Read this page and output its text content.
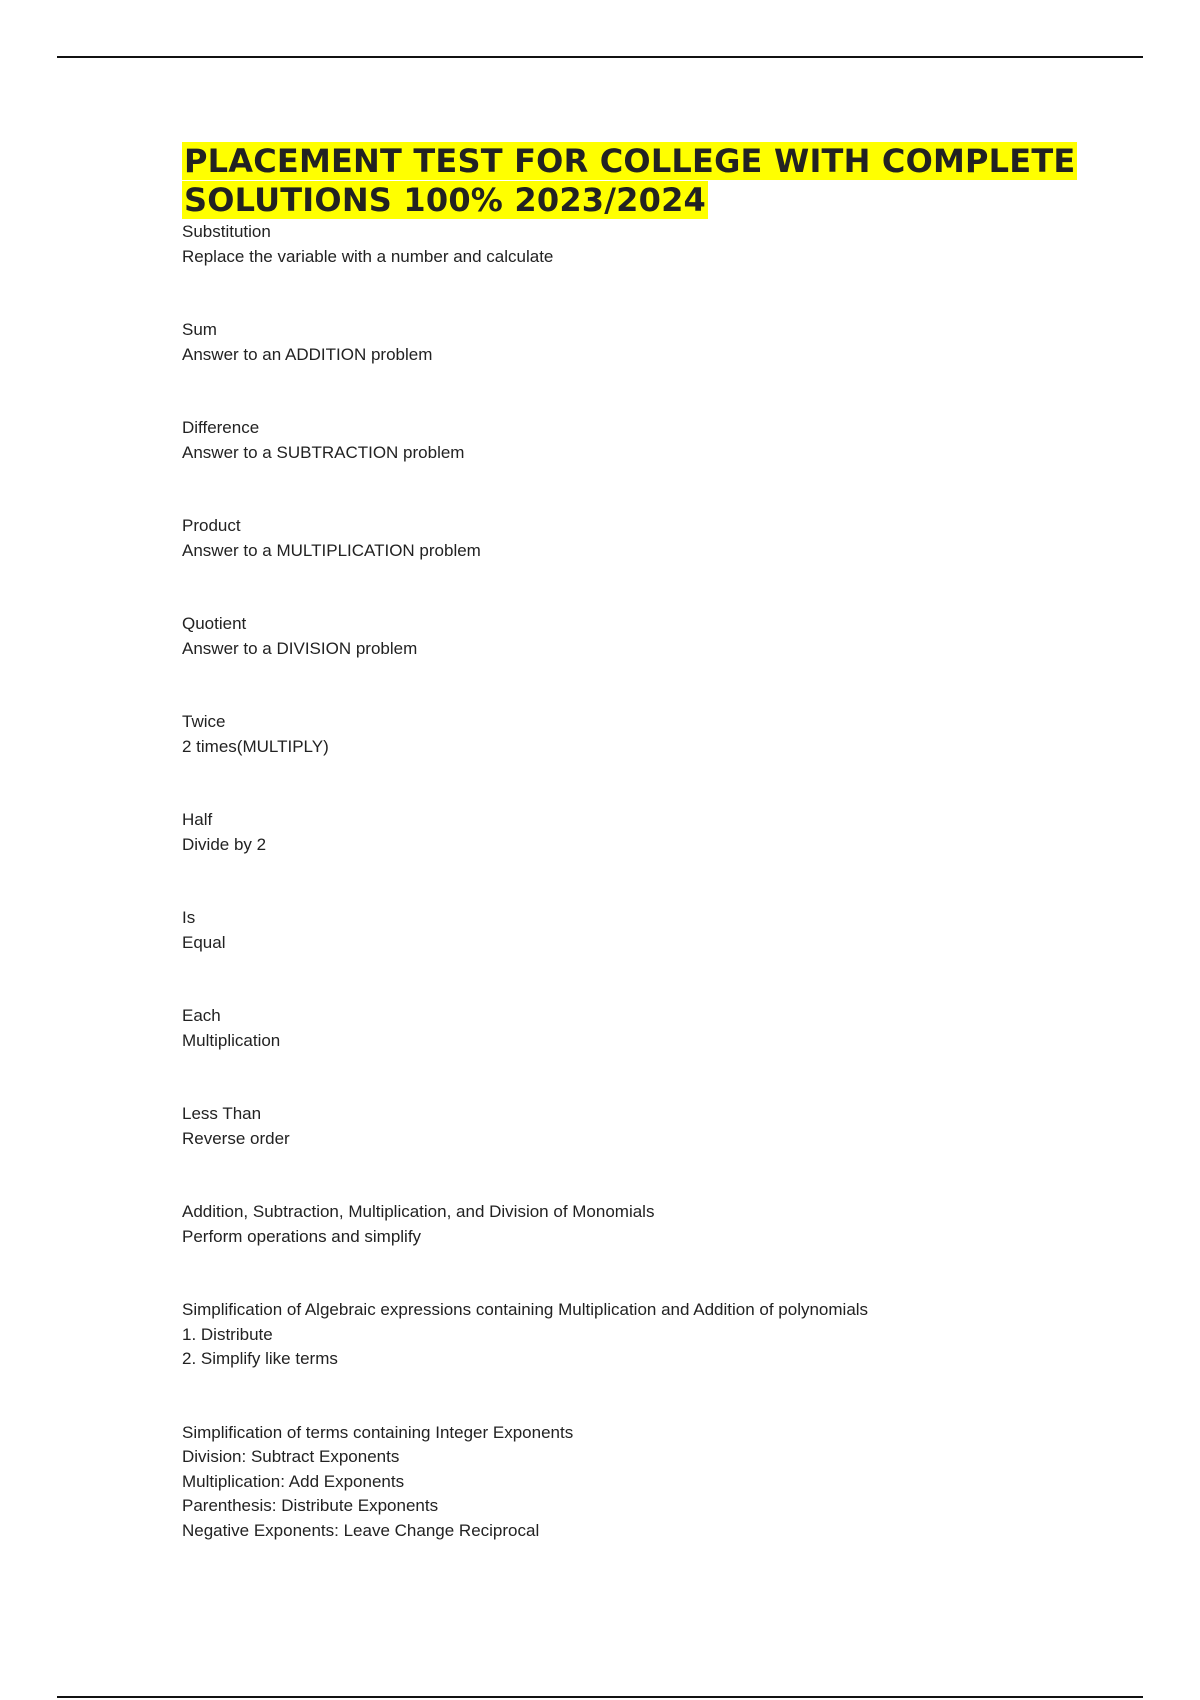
PLACEMENT TEST FOR COLLEGE WITH COMPLETE SOLUTIONS 100% 2023/2024
Substitution
Replace the variable with a number and calculate
Sum
Answer to an ADDITION problem
Difference
Answer to a SUBTRACTION problem
Product
Answer to a MULTIPLICATION problem
Quotient
Answer to a DIVISION problem
Twice
2 times(MULTIPLY)
Half
Divide by 2
Is
Equal
Each
Multiplication
Less Than
Reverse order
Addition, Subtraction, Multiplication, and Division of Monomials
Perform operations and simplify
Simplification of Algebraic expressions containing Multiplication and Addition of polynomials
1. Distribute
2. Simplify like terms
Simplification of terms containing Integer Exponents
Division: Subtract Exponents
Multiplication: Add Exponents
Parenthesis: Distribute Exponents
Negative Exponents: Leave Change Reciprocal
